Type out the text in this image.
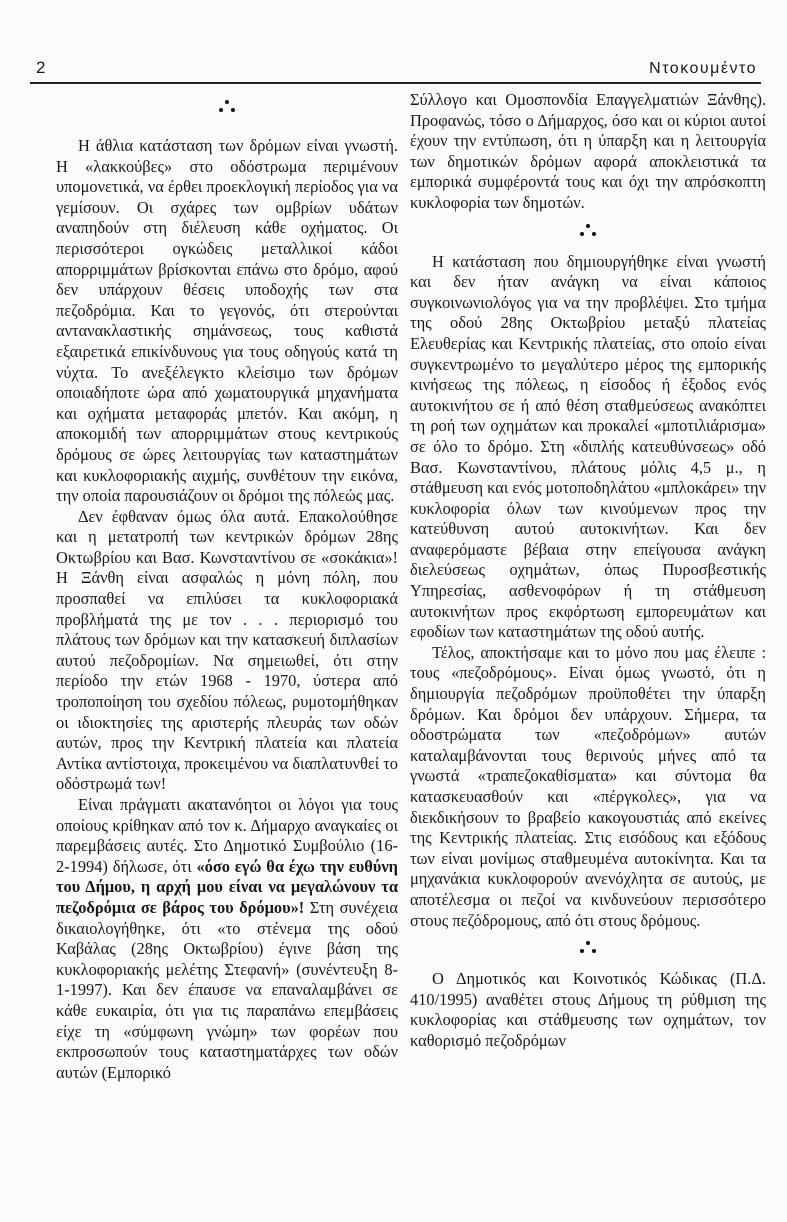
2	Ντοκουμέντο

Η άθλια κατάσταση των δρόμων είναι γνωστή. Η «λακκούβες» στο οδόστρωμα περιμένουν υπομονετικά, να έρθει προεκλογική περίοδος για να γεμίσουν. Οι σχάρες των ομβρίων υδάτων αναπηδούν στη διέλευση κάθε οχήματος. Οι περισσότεροι ογκώδεις μεταλλικοί κάδοι απορριμμάτων βρίσκονται επάνω στο δρόμο, αφού δεν υπάρχουν θέσεις υποδοχής των στα πεζοδρόμια. Και το γεγονός, ότι στερούνται αντανακλαστικής σημάνσεως, τους καθιστά εξαιρετικά επικίνδυνους για τους οδηγούς κατά τη νύχτα. Το ανεξέλεγκτο κλείσιμο των δρόμων οποιαδήποτε ώρα από χωματουργικά μηχανήματα και οχήματα μεταφοράς μπετόν. Και ακόμη, η αποκομιδή των απορριμμάτων στους κεντρικούς δρόμους σε ώρες λειτουργίας των καταστημάτων και κυκλοφοριακής αιχμής, συνθέτουν την εικόνα, την οποία παρουσιάζουν οι δρόμοι της πόλεώς μας.

Δεν έφθαναν όμως όλα αυτά. Επακολούθησε και η μετατροπή των κεντρικών δρόμων 28ης Οκτωβρίου και Βασ. Κωνσταντίνου σε «σοκάκια»! Η Ξάνθη είναι ασφαλώς η μόνη πόλη, που προσπαθεί να επιλύσει τα κυκλοφοριακά προβλήματά της με τον . . . περιορισμό του πλάτους των δρόμων και την κατασκευή διπλασίων αυτού πεζοδρομίων. Να σημειωθεί, ότι στην περίοδο την ετών 1968 - 1970, ύστερα από τροποποίηση του σχεδίου πόλεως, ρυμοτομήθηκαν οι ιδιοκτησίες της αριστερής πλευράς των οδών αυτών, προς την Κεντρική πλατεία και πλατεία Αντίκα αντίστοιχα, προκειμένου να διαπλατυνθεί το οδόστρωμά των!

Είναι πράγματι ακατανόητοι οι λόγοι για τους οποίους κρίθηκαν από τον κ. Δήμαρχο αναγκαίες οι παρεμβάσεις αυτές. Στο Δημοτικό Συμβούλιο (16-2-1994) δήλωσε, ότι «όσο εγώ θα έχω την ευθύνη του Δήμου, η αρχή μου είναι να μεγαλώνουν τα πεζοδρόμια σε βάρος του δρόμου»! Στη συνέχεια δικαιολογήθηκε, ότι «το στένεμα της οδού Καβάλας (28ης Οκτωβρίου) έγινε βάση της κυκλοφοριακής μελέτης Στεφανή» (συνέντευξη 8-1-1997). Και δεν έπαυσε να επαναλαμβάνει σε κάθε ευκαιρία, ότι για τις παραπάνω επεμβάσεις είχε τη «σύμφωνη γνώμη» των φορέων που εκπροσωπούν τους καταστηματάρχες των οδών αυτών (Εμπορικό

Σύλλογο και Ομοσπονδία Επαγγελματιών Ξάνθης). Προφανώς, τόσο ο Δήμαρχος, όσο και οι κύριοι αυτοί έχουν την εντύπωση, ότι η ύπαρξη και η λειτουργία των δημοτικών δρόμων αφορά αποκλειστικά τα εμπορικά συμφέροντά τους και όχι την απρόσκοπτη κυκλοφορία των δημοτών.

Η κατάσταση που δημιουργήθηκε είναι γνωστή και δεν ήταν ανάγκη να είναι κάποιος συγκοινωνιολόγος για να την προβλέψει. Στο τμήμα της οδού 28ης Οκτωβρίου μεταξύ πλατείας Ελευθερίας και Κεντρικής πλατείας, στο οποίο είναι συγκεντρωμένο το μεγαλύτερο μέρος της εμπορικής κινήσεως της πόλεως, η είσοδος ή έξοδος ενός αυτοκινήτου σε ή από θέση σταθμεύσεως ανακόπτει τη ροή των οχημάτων και προκαλεί «μποτιλιάρισμα» σε όλο το δρόμο. Στη «διπλής κατευθύνσεως» οδό Βασ. Κωνσταντίνου, πλάτους μόλις 4,5 μ., η στάθμευση και ενός μοτοποδηλάτου «μπλοκάρει» την κυκλοφορία όλων των κινούμενων προς την κατεύθυνση αυτού αυτοκινήτων. Και δεν αναφερόμαστε βέβαια στην επείγουσα ανάγκη διελεύσεως οχημάτων, όπως Πυροσβεστικής Υπηρεσίας, ασθενοφόρων ή τη στάθμευση αυτοκινήτων προς εκφόρτωση εμπορευμάτων και εφοδίων των καταστημάτων της οδού αυτής.

Τέλος, αποκτήσαμε και το μόνο που μας έλειπε : τους «πεζοδρόμους». Είναι όμως γνωστό, ότι η δημιουργία πεζοδρόμων προϋποθέτει την ύπαρξη δρόμων. Και δρόμοι δεν υπάρχουν. Σήμερα, τα οδοστρώματα των «πεζοδρόμων» αυτών καταλαμβάνονται τους θερινούς μήνες από τα γνωστά «τραπεζοκαθίσματα» και σύντομα θα κατασκευασθούν και «πέργκολες», για να διεκδικήσουν το βραβείο κακογουστιάς από εκείνες της Κεντρικής πλατείας. Στις εισόδους και εξόδους των είναι μονίμως σταθμευμένα αυτοκίνητα. Και τα μηχανάκια κυκλοφορούν ανενόχλητα σε αυτούς, με αποτέλεσμα οι πεζοί να κινδυνεύουν περισσότερο στους πεζόδρομους, από ότι στους δρόμους.

Ο Δημοτικός και Κοινοτικός Κώδικας (Π.Δ. 410/1995) αναθέτει στους Δήμους τη ρύθμιση της κυκλοφορίας και στάθμευσης των οχημάτων, τον καθορισμό πεζοδρόμων
